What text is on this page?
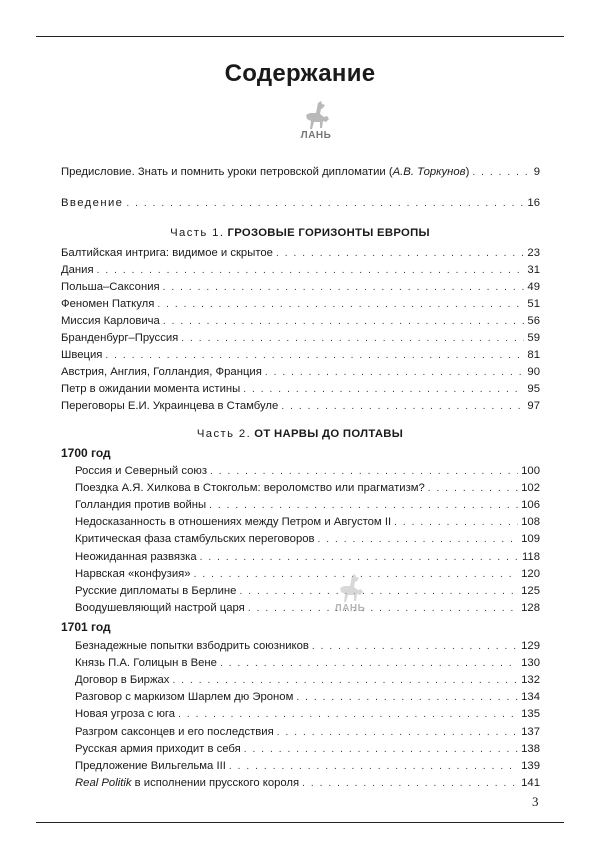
Содержание
ЛАНЬ
Предисловие. Знать и помнить уроки петровской дипломатии (А.В. Торкунов) . . .	9
Введение . . .	16
Часть 1. ГРОЗОВЫЕ ГОРИЗОНТЫ ЕВРОПЫ
Балтийская интрига: видимое и скрытое . . .	23
Дания . . .	31
Польша–Саксония . . .	49
Феномен Паткуля . . .	51
Миссия Карловича . . .	56
Бранденбург–Пруссия . . .	59
Швеция . . .	81
Австрия, Англия, Голландия, Франция . . .	90
Петр в ожидании момента истины . . .	95
Переговоры Е.И. Украинцева в Стамбуле . . .	97
Часть 2. ОТ НАРВЫ ДО ПОЛТАВЫ
1700 год
Россия и Северный союз . . .	100
Поездка А.Я. Хилкова в Стокгольм: вероломство или прагматизм? . . .	102
Голландия против войны . . .	106
Недосказанность в отношениях между Петром и Августом II . . .	108
Критическая фаза стамбульских переговоров . . .	109
Неожиданная развязка . . .	118
Нарвская «конфузия» . . .	120
Русские дипломаты в Берлине . . .	125
Воодушевляющий настрой царя . . .	128
ЛАНЬ
1701 год
Безнадежные попытки взбодрить союзников . . .	129
Князь П.А. Голицын в Вене . . .	130
Договор в Биржах . . .	132
Разговор с маркизом Шарлем дю Эроном . . .	134
Новая угроза с юга . . .	135
Разгром саксонцев и его последствия . . .	137
Русская армия приходит в себя . . .	138
Предложение Вильгельма III . . .	139
Real Politik в исполнении прусского короля . . .	141
3
